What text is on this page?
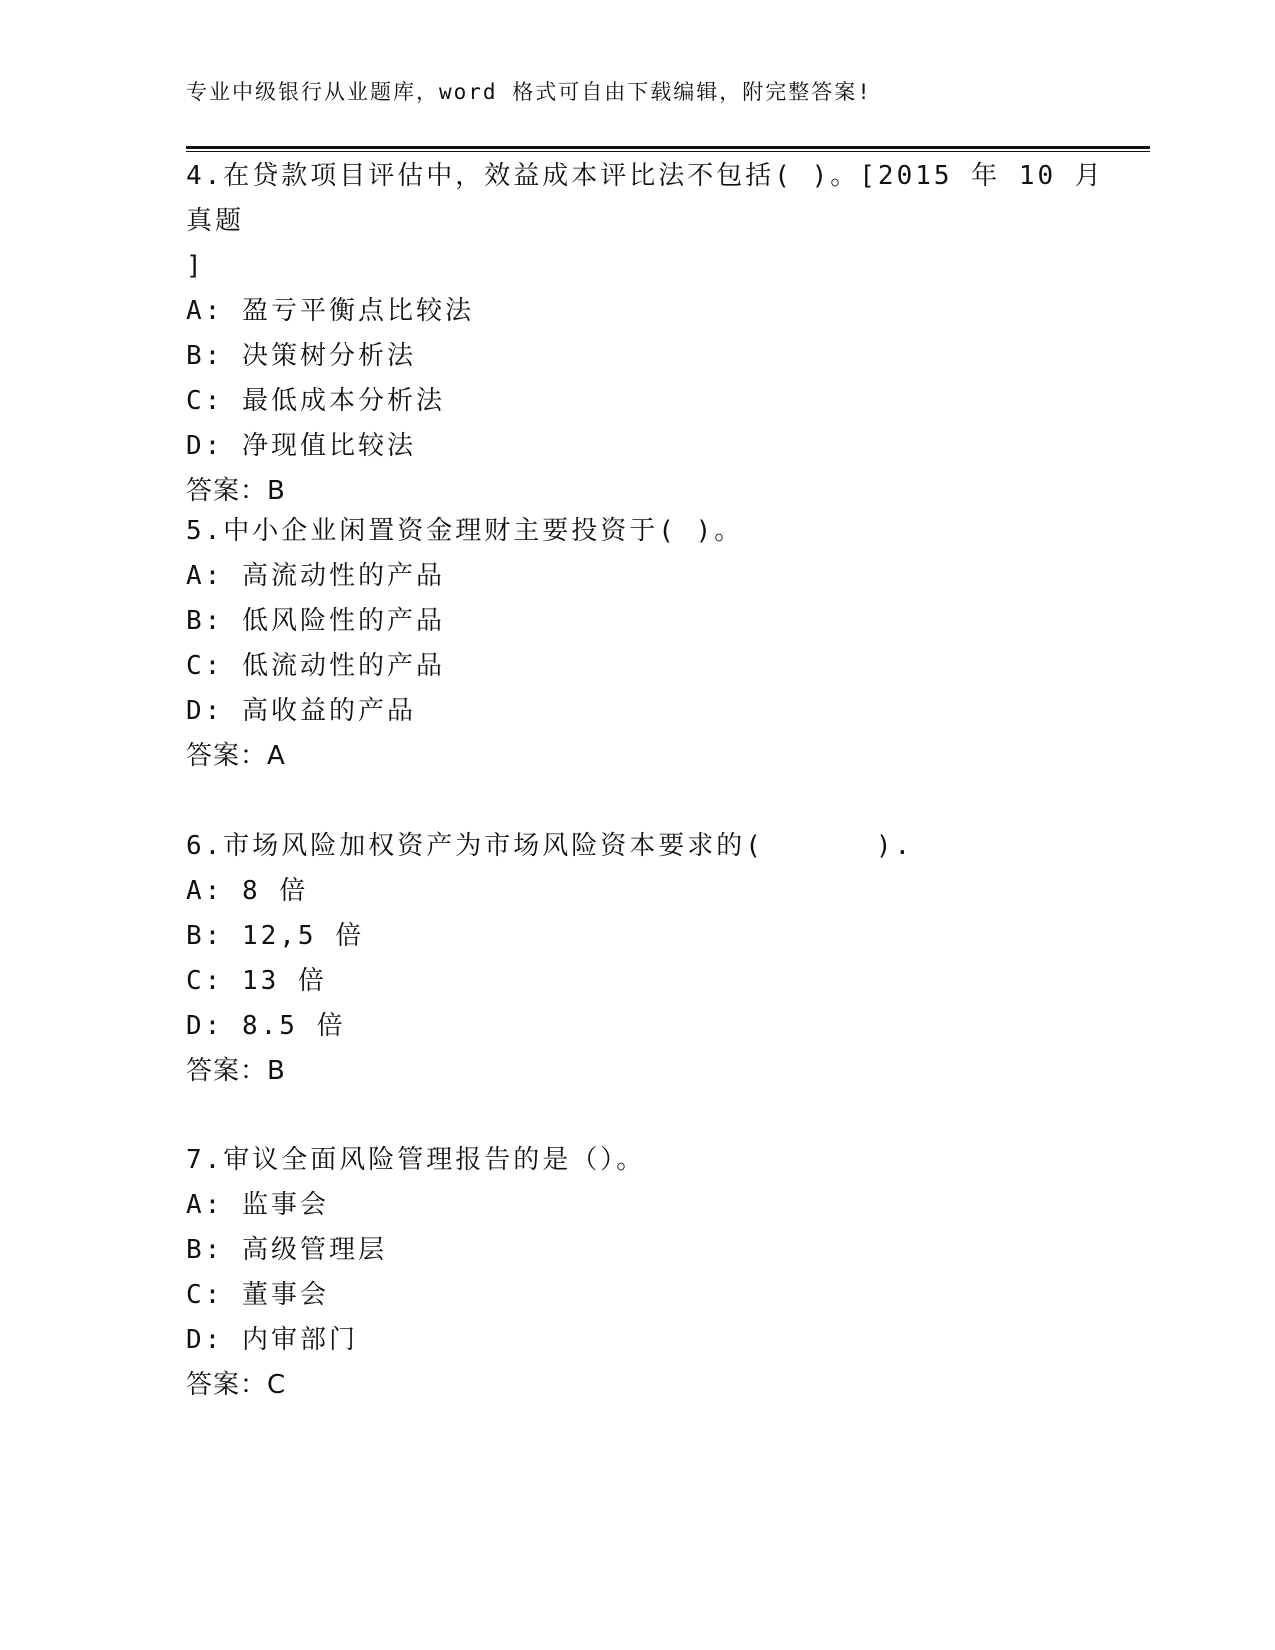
专业中级银行从业题库，word 格式可自由下载编辑，附完整答案!

4.在贷款项目评估中，效益成本评比法不包括( )。[2015 年 10 月真题
]

A: 盈亏平衡点比较法

B: 决策树分析法

C: 最低成本分析法

D: 净现值比较法

答案：B

5.中小企业闲置资金理财主要投资于( )。

A: 高流动性的产品

B: 低风险性的产品

C: 低流动性的产品

D: 高收益的产品

答案：A

6.市场风险加权资产为市场风险资本要求的(      ).

A: 8 倍

B: 12,5 倍

C: 13 倍

D: 8.5 倍

答案：B

7.审议全面风险管理报告的是（）。

A: 监事会

B: 高级管理层

C: 董事会

D: 内审部门

答案：C
